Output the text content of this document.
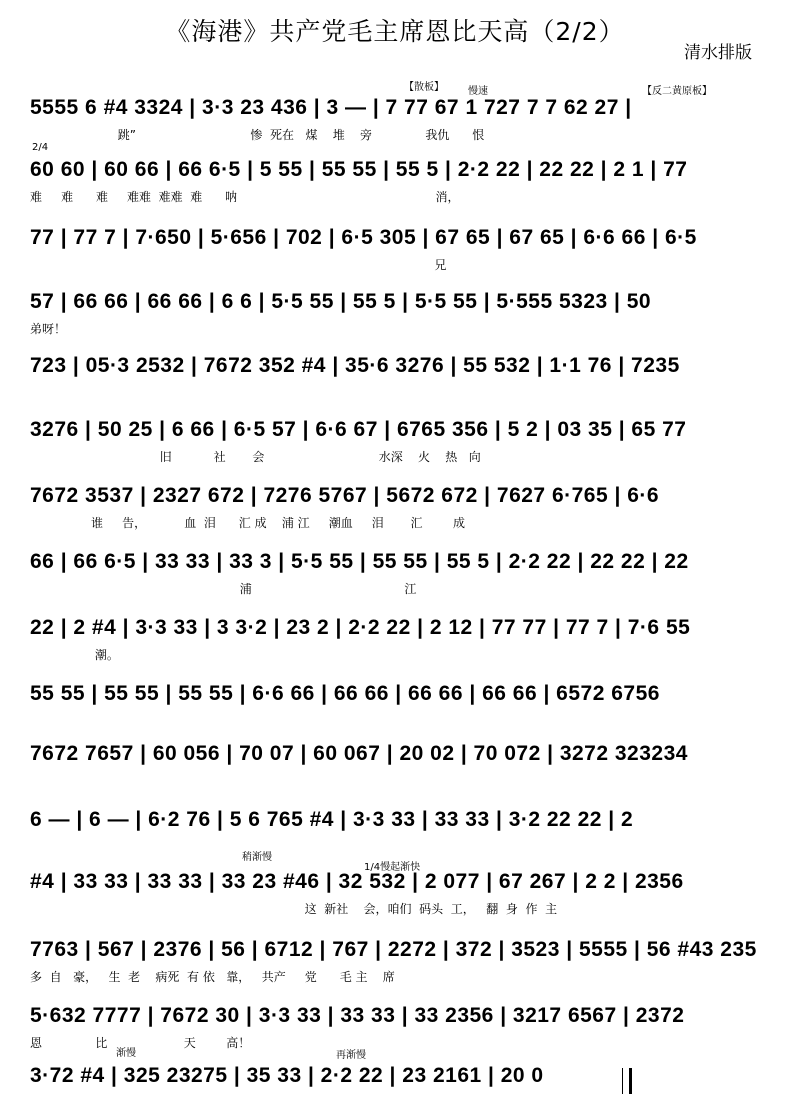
《海港》共产党毛主席恩比天高（2/2）
清水排版
【散板】 慢速	【反二黄原板】
5555 6 #4 3324 | 3·3 23 436 | 3 — | 7 77 67 1 727 7 7 62 27 |
跳”                              惨  死在   煤    堆    旁              我仇      恨
2/4
60 60 | 60 66 | 66 6·5 | 5 55 | 55 55 | 55 5 | 2·2 22 | 22 22 | 2 1 | 77
难     难      难     难难  难难  难      呐                                                    消，
77 | 77 7 | 7·650 | 5·656 | 702 | 6·5 305 | 67 65 | 67 65 | 6·6 66 | 6·5
兄
57 | 66 66 | 66 66 | 6 6 | 5·5 55 | 55 5 | 5·5 55 | 5·555 5323 | 50
弟呀！
723 | 05·3 2532 | 7672 352 #4 | 35·6 3276 | 55 532 | 1·1 76 | 7235
3276 | 50 25 | 6 66 | 6·5 57 | 6·6 67 | 6765 356 | 5 2 | 03 35 | 65 77
旧           社       会                              水深    火    热   向
7672 3537 | 2327 672 | 7276 5767 | 5672 672 | 7627 6·765 | 6·6
谁     告，          血  泪      汇 成    浦 江     潮血     泪       汇        成
66 | 66 6·5 | 33 33 | 33 3 | 5·5 55 | 55 55 | 55 5 | 2·2 22 | 22 22 | 22
浦                                        江
22 | 2 #4 | 3·3 33 | 3 3·2 | 23 2 | 2·2 22 | 2 12 | 77 77 | 77 7 | 7·6 55
潮。
55 55 | 55 55 | 55 55 | 6·6 66 | 66 66 | 66 66 | 66 66 | 6572 6756
7672 7657 | 60 056 | 70 07 | 60 067 | 20 02 | 70 072 | 3272 323234
6 — | 6 — | 6·2 76 | 5 6 765 #4 | 3·3 33 | 33 33 | 3·2 22 22 | 2
稍渐慢
1/4慢起渐快
#4 | 33 33 | 33 33 | 33 23 #46 | 32 532 | 2 077 | 67 267 | 2 2 | 2356
这  新社    会，咱们  码头  工，   翻  身  作  主
7763 | 567 | 2376 | 56 | 6712 | 767 | 2272 | 372 | 3523 | 5555 | 56 #43 235
多  自   豪，   生  老    病死  有 依   靠，   共产     党      毛 主    席
5·632 7777 | 7672 30 | 3·3 33 | 33 33 | 33 2356 | 3217 6567 | 2372
恩              比                    天        高！
渐慢	再渐慢
3·72 #4 | 325 23275 | 35 33 | 2·2 22 | 23 2161 | 20 0
